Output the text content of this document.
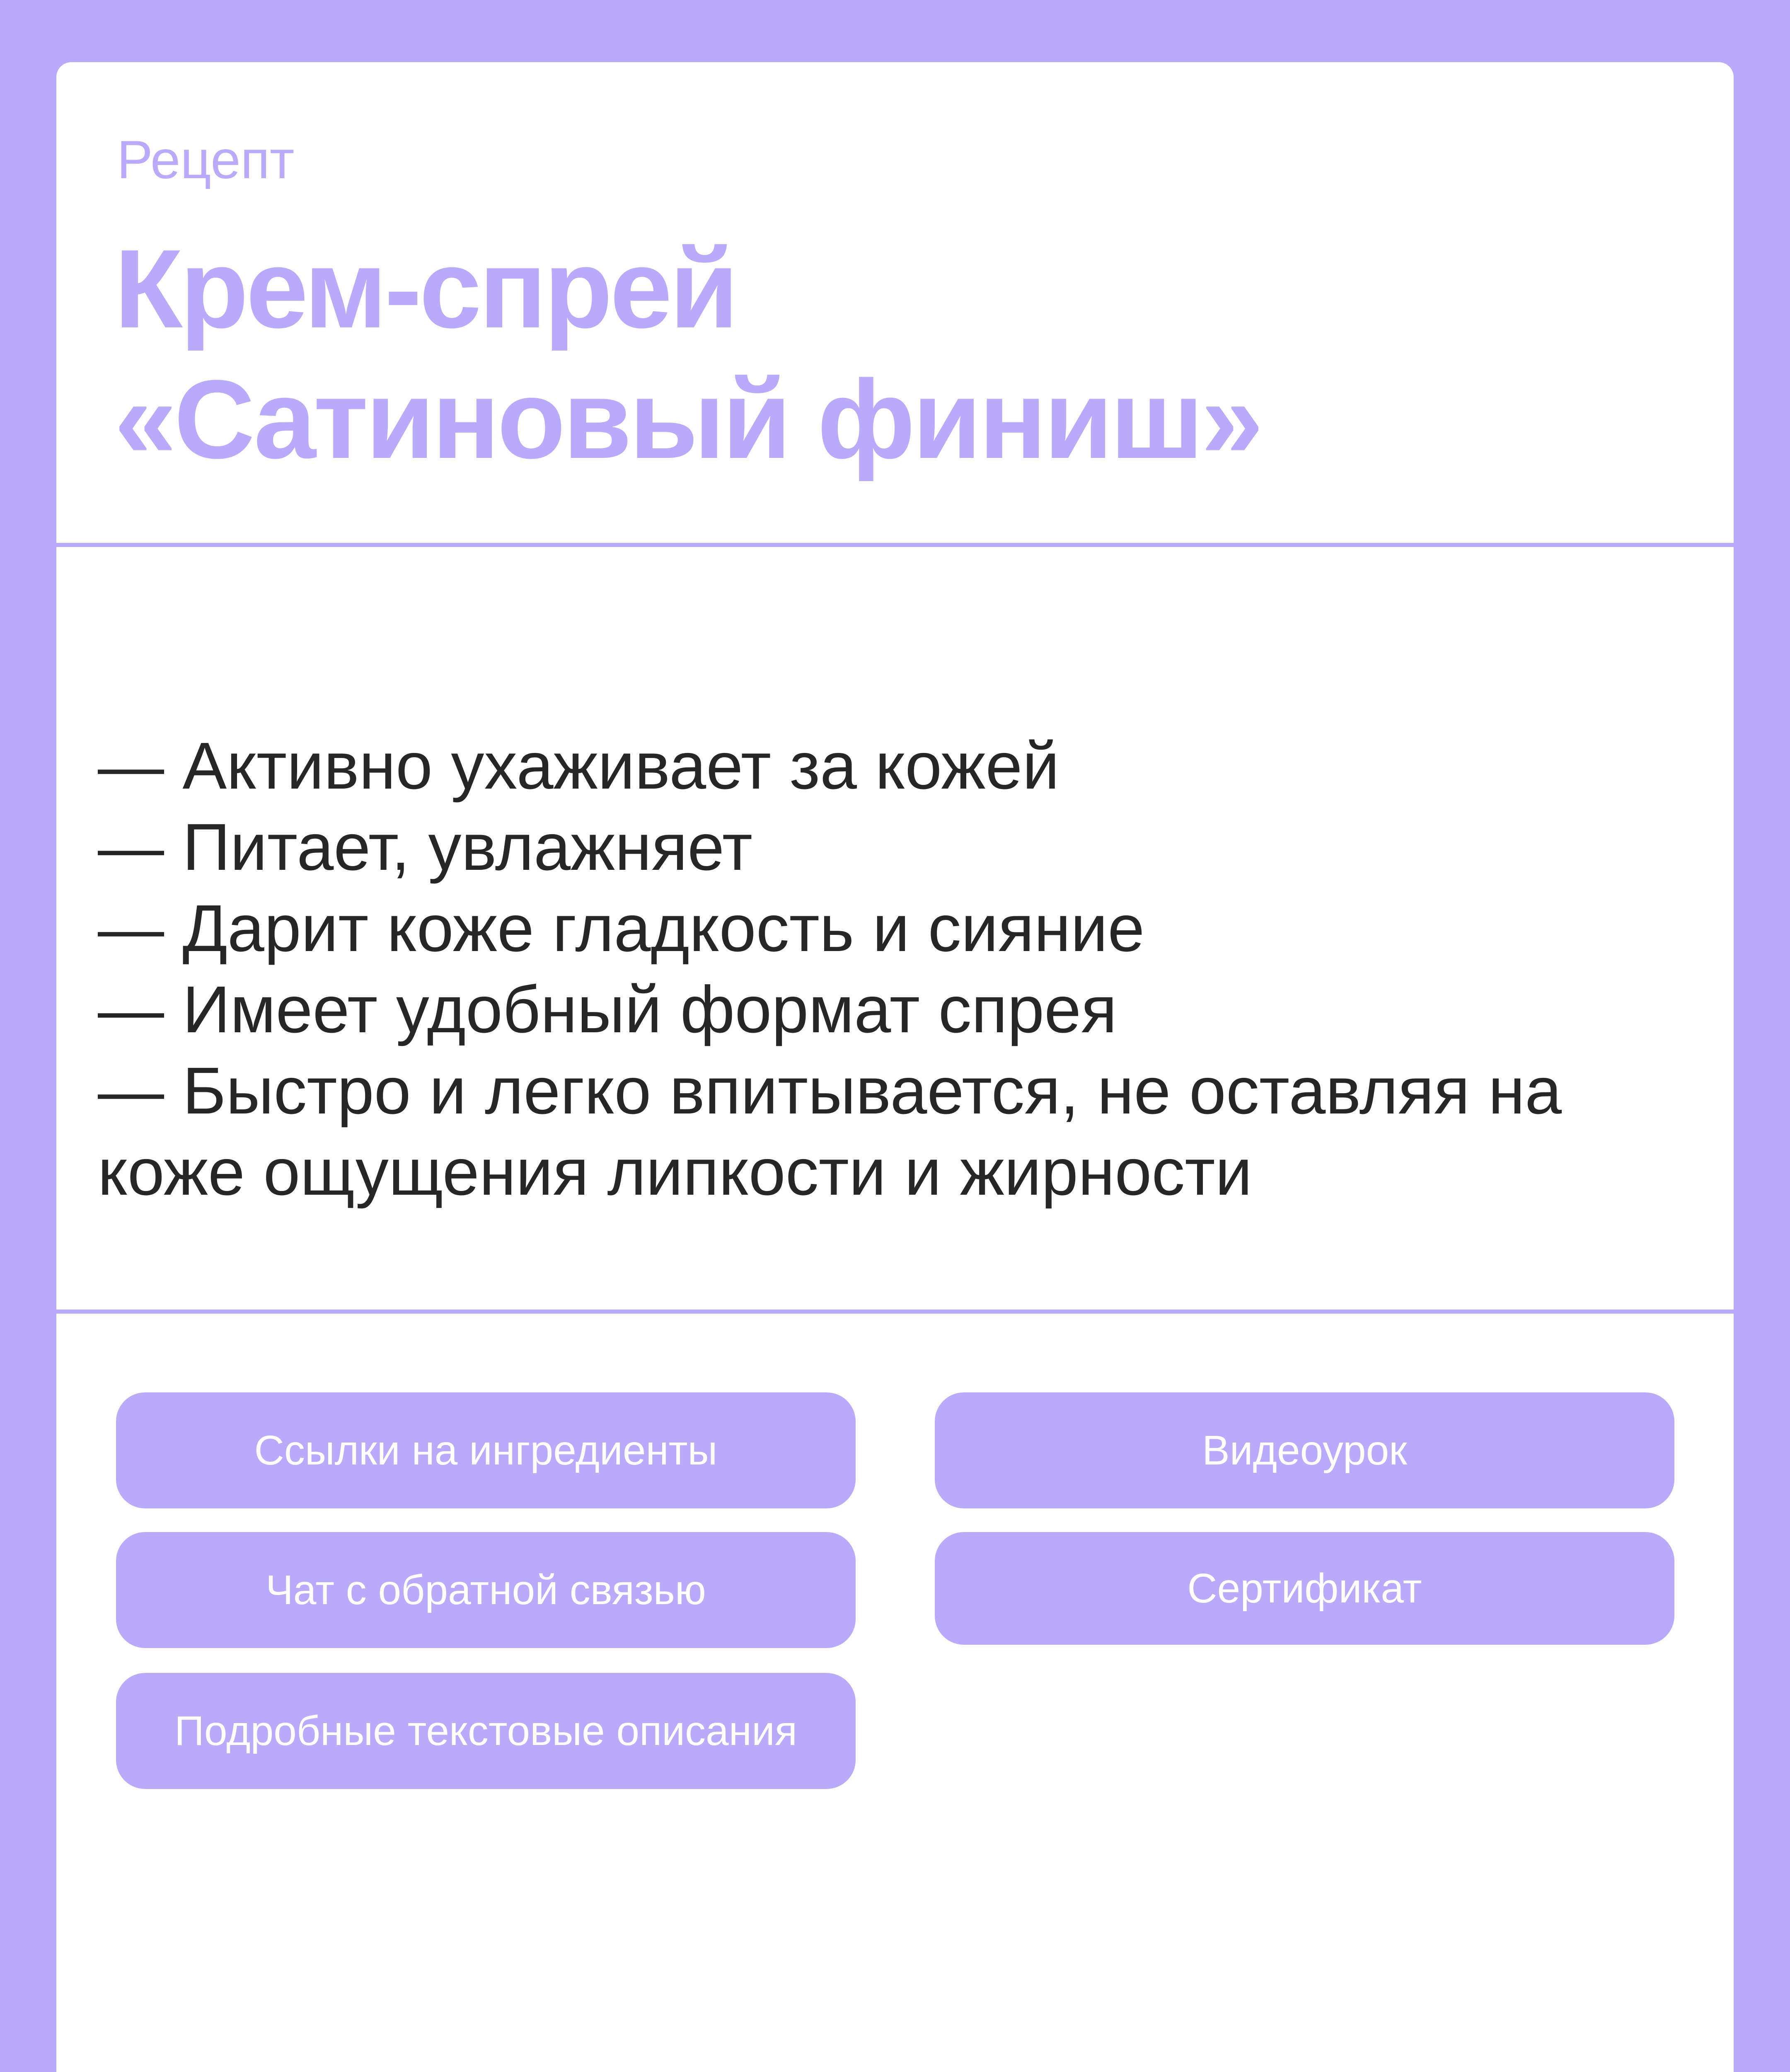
Рецепт
Крем-спрей
«Сатиновый финиш»
— Активно ухаживает за кожей
— Питает, увлажняет
— Дарит коже гладкость и сияние
— Имеет удобный формат спрея
— Быстро и легко впитывается, не оставляя на коже ощущения липкости и жирности
Ссылки на ингредиенты	Видеоурок
Чат с обратной связью	Сертификат
Подробные текстовые описания
